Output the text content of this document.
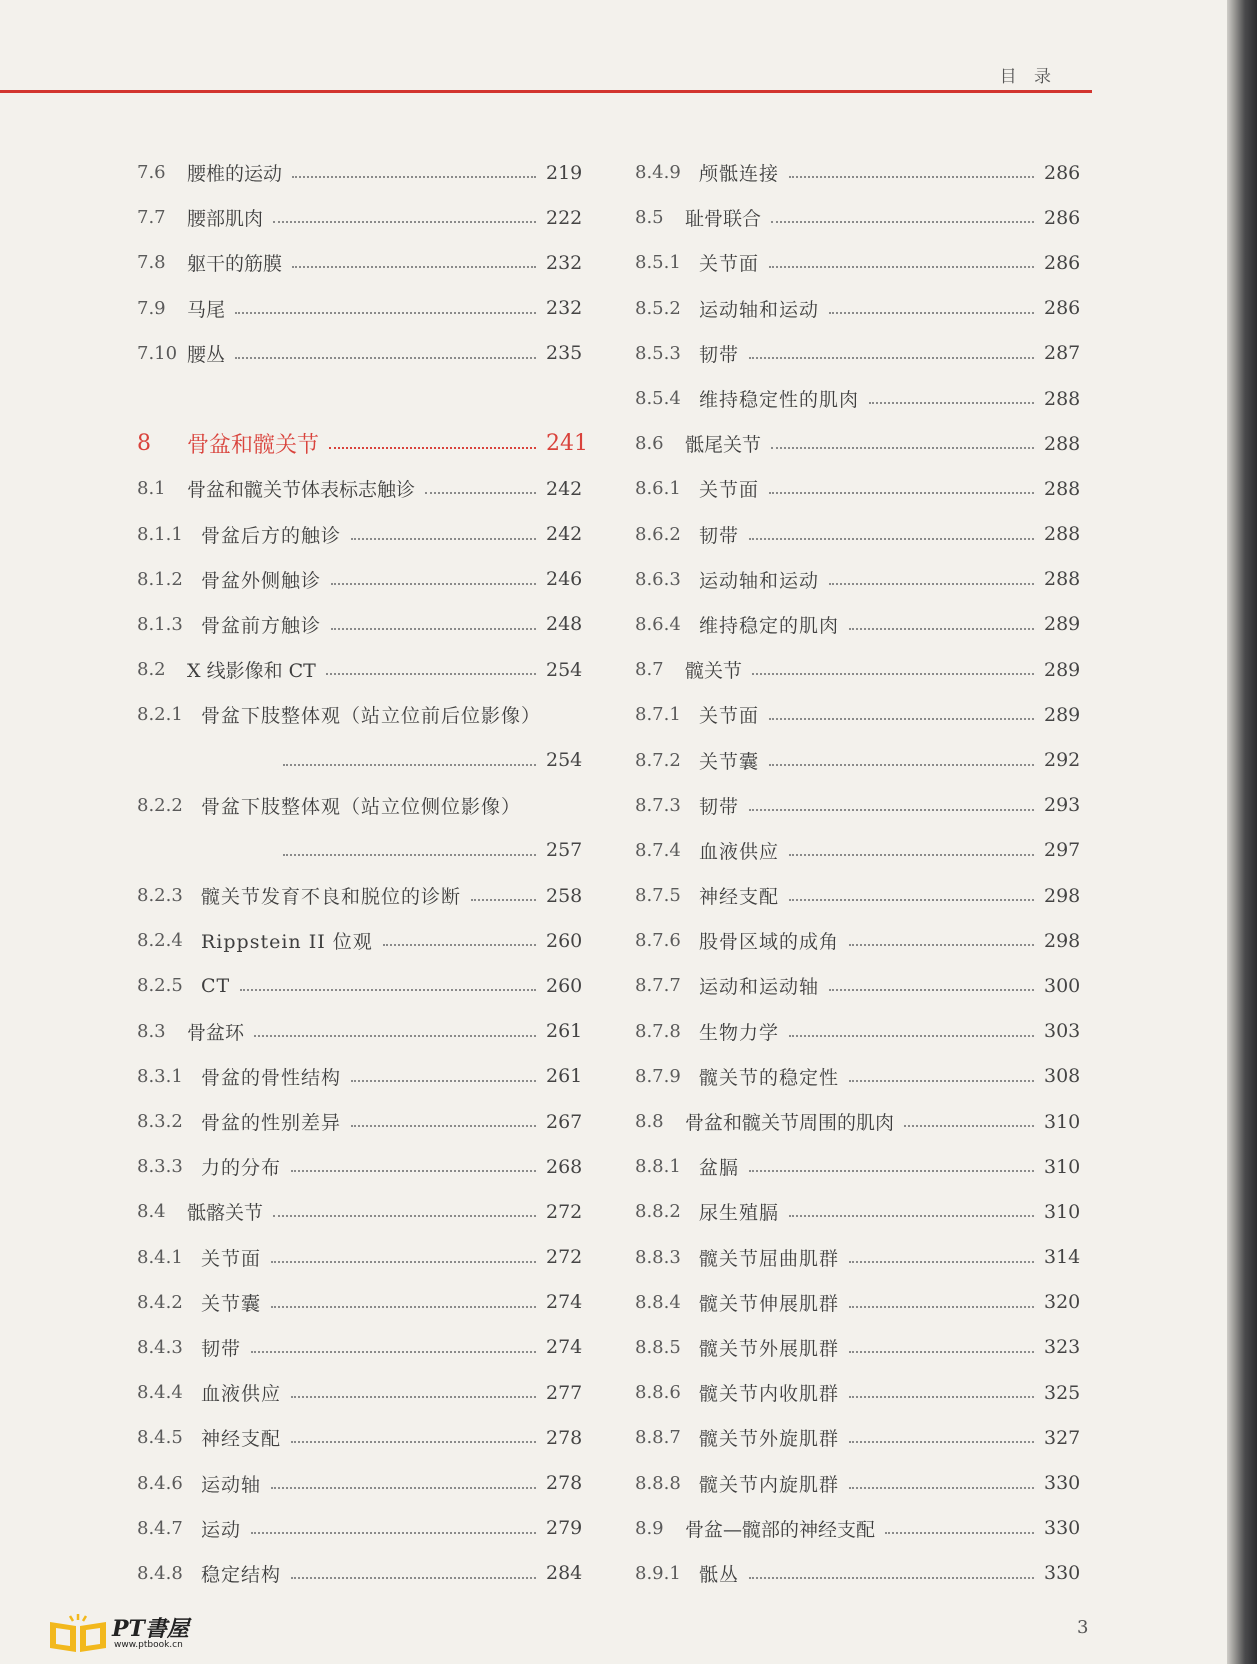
目 录
7.6	腰椎的运动	219
7.7	腰部肌肉	222
7.8	躯干的筋膜	232
7.9	马尾	232
7.10 腰丛	235
8	骨盆和髋关节	241
8.1	骨盆和髋关节体表标志触诊	242
8.1.1 骨盆后方的触诊	242
8.1.2 骨盆外侧触诊	246
8.1.3 骨盆前方触诊	248
8.2	X 线影像和 CT	254
8.2.1 骨盆下肢整体观（站立位前后位影像）
254
8.2.2 骨盆下肢整体观（站立位侧位影像）
257
8.2.3 髋关节发育不良和脱位的诊断	258
8.2.4 Rippstein II 位观	260
8.2.5 CT	260
8.3	骨盆环	261
8.3.1 骨盆的骨性结构	261
8.3.2 骨盆的性别差异	267
8.3.3 力的分布	268
8.4	骶髂关节	272
8.4.1 关节面	272
8.4.2 关节囊	274
8.4.3 韧带	274
8.4.4 血液供应	277
8.4.5 神经支配	278
8.4.6 运动轴	278
8.4.7 运动	279
8.4.8 稳定结构	284
8.4.9 颅骶连接	286
8.5	耻骨联合	286
8.5.1 关节面	286
8.5.2 运动轴和运动	286
8.5.3 韧带	287
8.5.4 维持稳定性的肌肉	288
8.6	骶尾关节	288
8.6.1 关节面	288
8.6.2 韧带	288
8.6.3 运动轴和运动	288
8.6.4 维持稳定的肌肉	289
8.7	髋关节	289
8.7.1 关节面	289
8.7.2 关节囊	292
8.7.3 韧带	293
8.7.4 血液供应	297
8.7.5 神经支配	298
8.7.6 股骨区域的成角	298
8.7.7 运动和运动轴	300
8.7.8 生物力学	303
8.7.9 髋关节的稳定性	308
8.8	骨盆和髋关节周围的肌肉	310
8.8.1 盆膈	310
8.8.2 尿生殖膈	310
8.8.3 髋关节屈曲肌群	314
8.8.4 髋关节伸展肌群	320
8.8.5 髋关节外展肌群	323
8.8.6 髋关节内收肌群	325
8.8.7 髋关节外旋肌群	327
8.8.8 髋关节内旋肌群	330
8.9	骨盆—髋部的神经支配	330
8.9.1 骶丛	330
3
PT書屋
www.ptbook.cn
